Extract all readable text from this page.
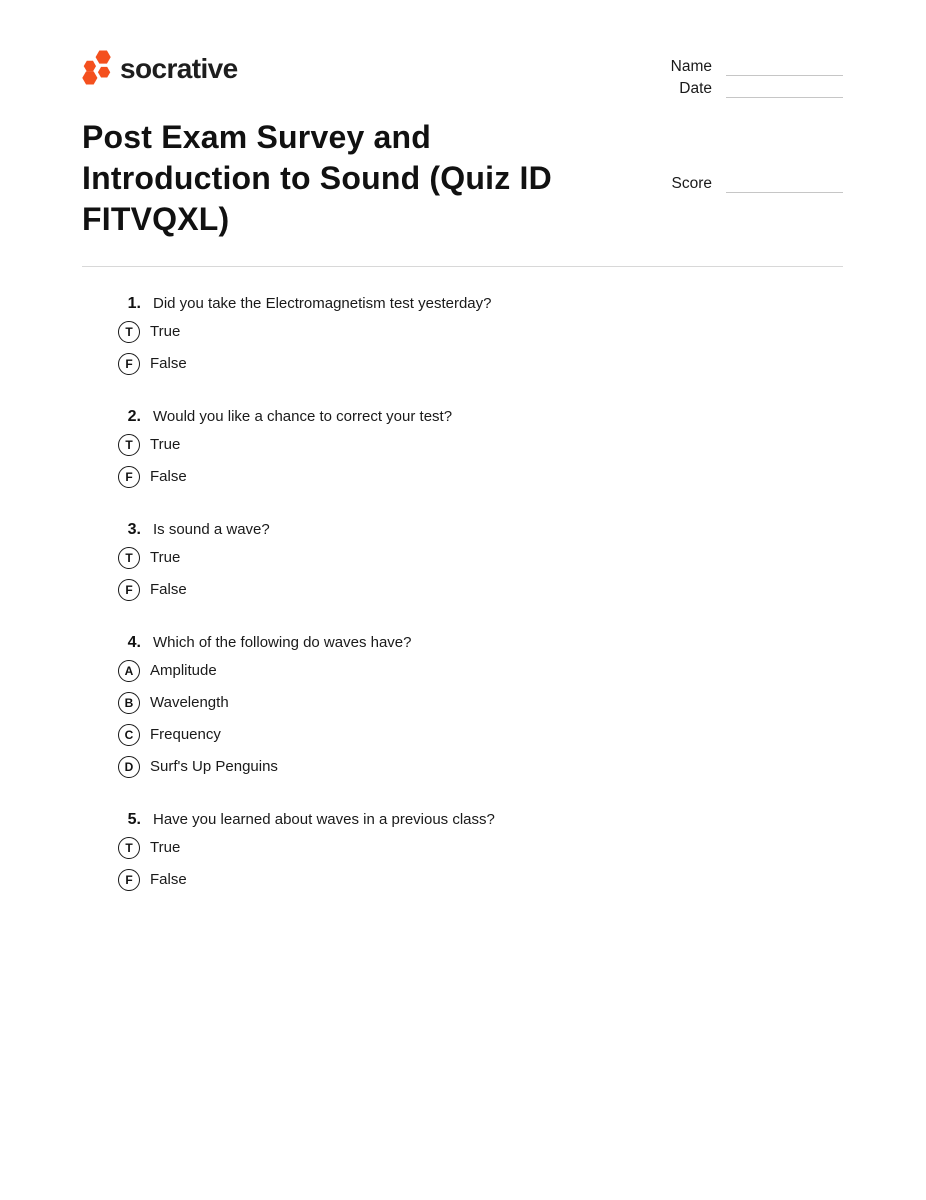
socrative	Name
Date
Score
Post Exam Survey and
Introduction to Sound (Quiz ID
FITVQXL)
1. Did you take the Electromagnetism test yesterday?
T True
F False
2. Would you like a chance to correct your test?
T True
F False
3. Is sound a wave?
T True
F False
4. Which of the following do waves have?
A Amplitude
B Wavelength
C Frequency
D Surf's Up Penguins
5. Have you learned about waves in a previous class?
T True
F False
